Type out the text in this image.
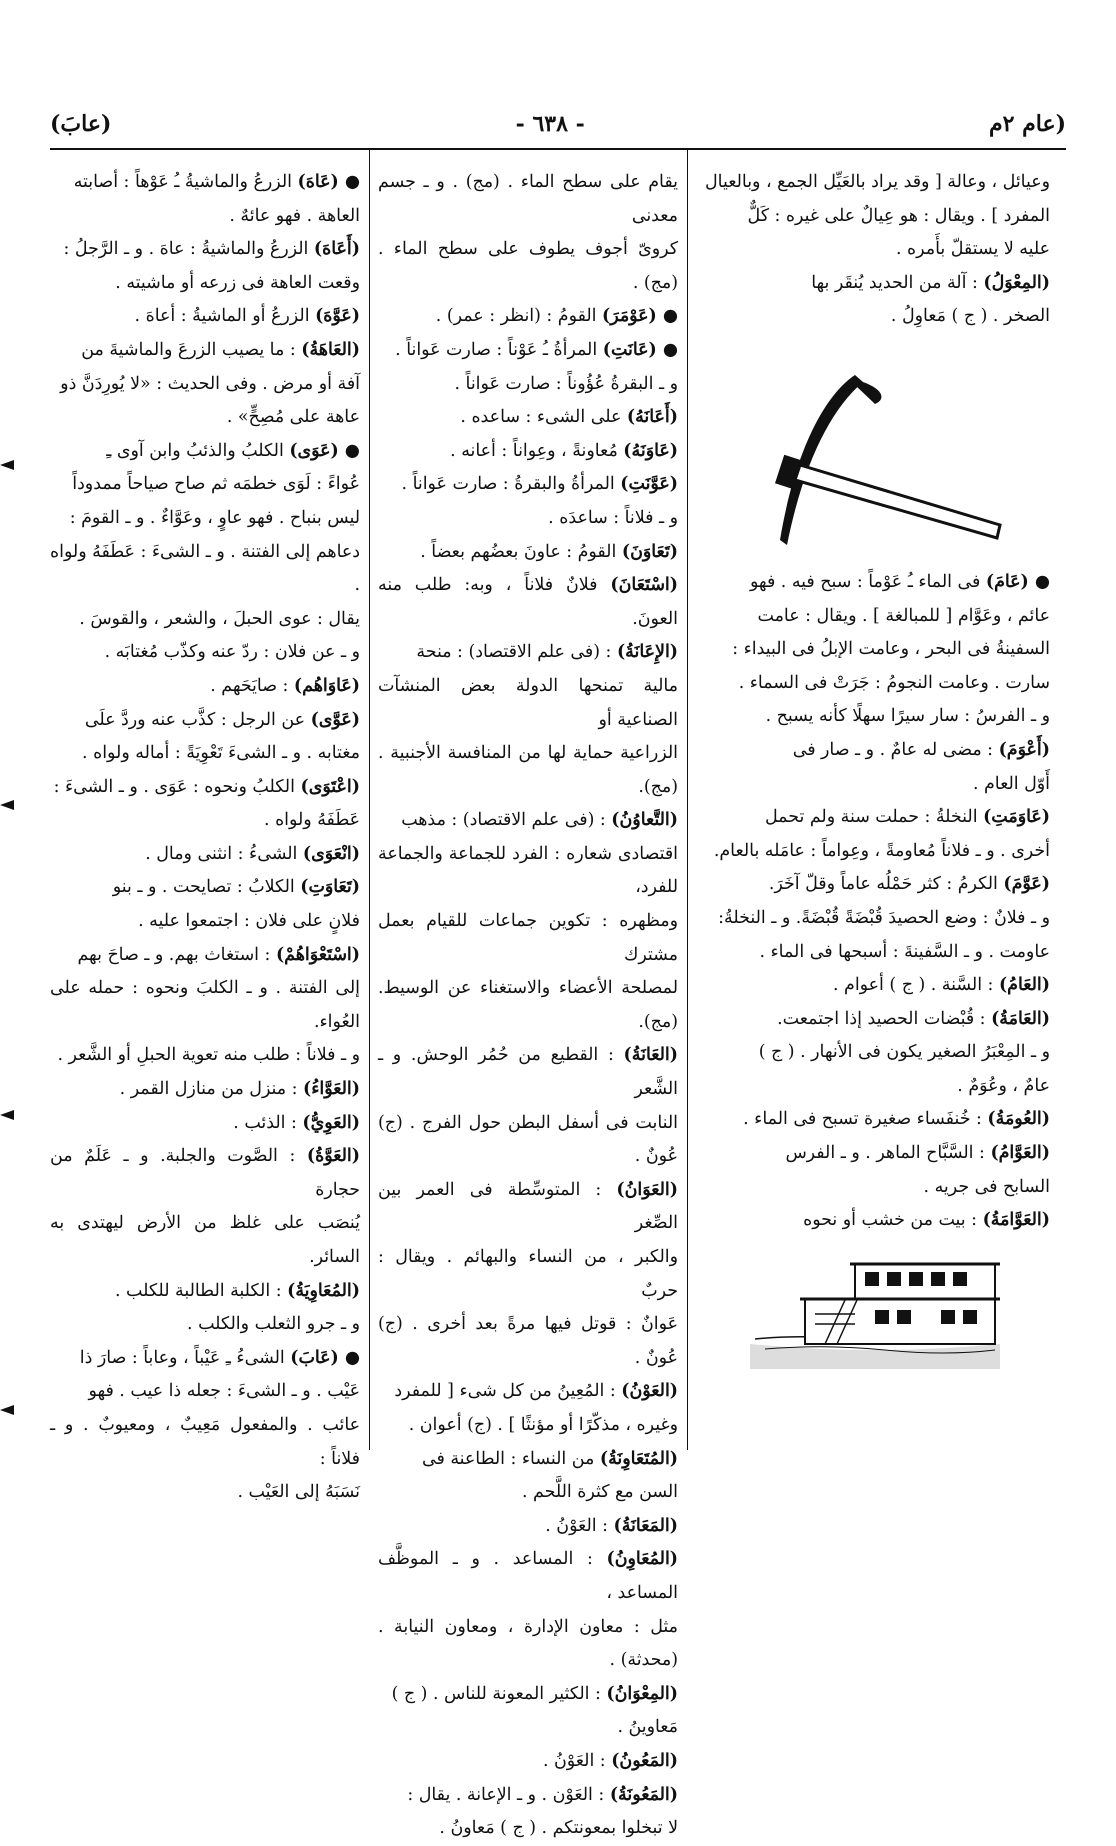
(عام ٢م
- ٦٣٨ -
(عابَ)

وعيائل ، وعالة [ وقد يراد بالعَيِّل الجمع ، وبالعيال

المفرد ] . ويقال : هو عِيالٌ على غيره : كَلٌّ

عليه لا يستقلّ بأَمره .

(المِعْوَلُ) : آلة من الحديد يُنقَر بها

الصخر . ( ج ) مَعاوِلُ .

● (عَامَ) فى الماء ـُ عَوْماً : سبح فيه . فهو

عائم ، وعَوَّام [ للمبالغة ] . ويقال : عامت

السفينةُ فى البحر ، وعامت الإبلُ فى البيداء :

سارت . وعامت النجومُ : جَرَتْ فى السماء .

و ـ الفرسُ : سار سيرًا سهلًا كأنه يسبح .

(أَعْوَمَ) : مضى له عامٌ . و ـ صار فى

أَوّل العام .

(عَاوَمَتِ) النخلةُ : حملت سنة ولم تحمل

أخرى . و ـ فلاناً مُعاومةً ، وعِواماً : عامَله بالعام.

(عَوَّمَ) الكرمُ : كثر حَمْلُه عاماً وقلّ آخَرَ.

و ـ فلانٌ : وضع الحصيدَ قُبْضَةً قُبْضَةً. و ـ النخلةُ:

عاومت . و ـ السَّفينةَ : أسبحها فى الماء .

(العَامُ) : السَّنة . ( ج ) أعوام .

(العَامَةُ) : قُبْضات الحصيد إذا اجتمعت.

و ـ المِعْبَرُ الصغير يكون فى الأنهار . ( ج )

عامٌ ، وعُوَمٌ .

(العُومَةُ) : خُنفَساء صغيرة تسبح فى الماء .

(العَوَّامُ) : السَّبَّاح الماهر . و ـ الفرس

السابح فى جريه .

(العَوَّامَةُ) : بيت من خشب أو نحوه

يقام على سطح الماء . (مج) . و ـ جسم معدنى

كروىّ أجوف يطوف على سطح الماء . (مج) .

● (عَوْمَرَ) القومُ : (انظر : عمر) .

● (عَانَتِ) المرأةُ ـُ عَوْناً : صارت عَواناً .

و ـ البقرةُ عُؤُوناً : صارت عَواناً .

(أَعَانَهُ) على الشىء : ساعده .

(عَاوَنَهُ) مُعاونةً ، وعِواناً : أعانه .

(عَوَّنَتِ) المرأةُ والبقرةُ : صارت عَواناً .

و ـ فلاناً : ساعدَه .

(تَعَاوَنَ) القومُ : عاونَ بعضُهم بعضاً .

(اسْتَعَانَ) فلانٌ فلاناً ، وبه: طلب منه العونَ.

(الإِعَانَةُ) : (فى علم الاقتصاد) : منحة

مالية تمنحها الدولة بعض المنشآت الصناعية أو

الزراعية حماية لها من المنافسة الأجنبية . (مج).

(التَّعاوُنُ) : (فى علم الاقتصاد) : مذهب

اقتصادى شعاره : الفرد للجماعة والجماعة للفرد،

ومظهره : تكوين جماعات للقيام بعمل مشترك

لمصلحة الأعضاء والاستغناء عن الوسيط. (مج).

(العَانَةُ) : القطيع من حُمُر الوحش. و ـ الشَّعر

النابت فى أسفل البطن حول الفرج . (ج) عُونٌ .

(العَوَانُ) : المتوسِّطة فى العمر بين الصِّغر

والكبر ، من النساء والبهائم . ويقال : حربٌ

عَوانٌ : قوتل فيها مرةً بعد أخرى . (ج) عُونٌ .

(العَوْنُ) : المُعِينُ من كل شىء [ للمفرد

وغيره ، مذكّرًا أو مؤنثًا ] . (ج) أعوان .

(المُتَعَاوِنَةُ) من النساء : الطاعنة فى

السن مع كثرة اللَّحم .

(المَعَانَةُ) : العَوْنُ .

(المُعَاوِنُ) : المساعد . و ـ الموظَّف المساعد ،

مثل : معاون الإدارة ، ومعاون النيابة . (محدثة) .

(المِعْوَانُ) : الكثير المعونة للناس . ( ج )

مَعاوينُ .

(المَعُونُ) : العَوْنُ .

(المَعُونَةُ) : العَوْن . و ـ الإعانة . يقال :

لا تبخلوا بمعونتكم . ( ج ) مَعاونُ .

● (عَاهَ) الزرعُ والماشيةُ ـُ عَوْهاً : أصابته

العاهة . فهو عائهٌ .

(أَعَاهَ) الزرعُ والماشيةُ : عاهَ . و ـ الرَّجلُ :

وقعت العاهة فى زرعه أو ماشيته .

(عَوَّهَ) الزرعُ أو الماشيةُ : أعاهَ .

(العَاهَةُ) : ما يصيب الزرعَ والماشيةَ من

آفة أو مرض . وفى الحديث : «لا يُورِدَنَّ ذو

عاهة على مُصِحٍّ» .

● (عَوَى) الكلبُ والذئبُ وابن آوى ـِ

عُواءً : لَوَى خطمَه ثم صاح صياحاً ممدوداً

ليس بنباح . فهو عاوٍ ، وعَوَّاءٌ . و ـ القومَ :

دعاهم إلى الفتنة . و ـ الشىءَ : عَطَفَهُ ولواه .

يقال : عوى الحبلَ ، والشعر ، والقوسَ .

و ـ عن فلان : ردّ عنه وكذّب مُغتابَه .

(عَاوَاهُم) : صايَحَهم .

(عَوَّى) عن الرجل : كذَّب عنه وردَّ علَى

مغتابه . و ـ الشىءَ تَعْوِيَةً : أماله ولواه .

(اعْتَوَى) الكلبُ ونحوه : عَوَى . و ـ الشىءَ :

عَطَفَهُ ولواه .

(انْعَوَى) الشىءُ : انثنى ومال .

(تَعَاوَتِ) الكلابُ : تصايحت . و ـ بنو

فلانٍ على فلان : اجتمعوا عليه .

(اسْتَعْوَاهُمْ) : استغاث بهم. و ـ صاحَ بهم

إلى الفتنة . و ـ الكلبَ ونحوه : حمله على العُواء.

و ـ فلاناً : طلب منه تعوية الحبلِ أو الشَّعر .

(العَوَّاءُ) : منزل من منازل القمر .

(العَوِيُّ) : الذئب .

(العَوَّةُ) : الصَّوت والجلبة. و ـ عَلَمٌ من حجارة

يُنصَب على غلظ من الأرض ليهتدى به السائر.

(المُعَاوِيَةُ) : الكلبة الطالبة للكلب .

و ـ جرو الثعلب والكلب .

● (عَابَ) الشىءُ ـِ عَيْباً ، وعاباً : صارَ ذا

عَيْب . و ـ الشىءَ : جعله ذا عيب . فهو

عائب . والمفعول مَعِيبٌ ، ومعيوبٌ . و ـ فلاناً :

نَسَبَهُ إلى العَيْب .
